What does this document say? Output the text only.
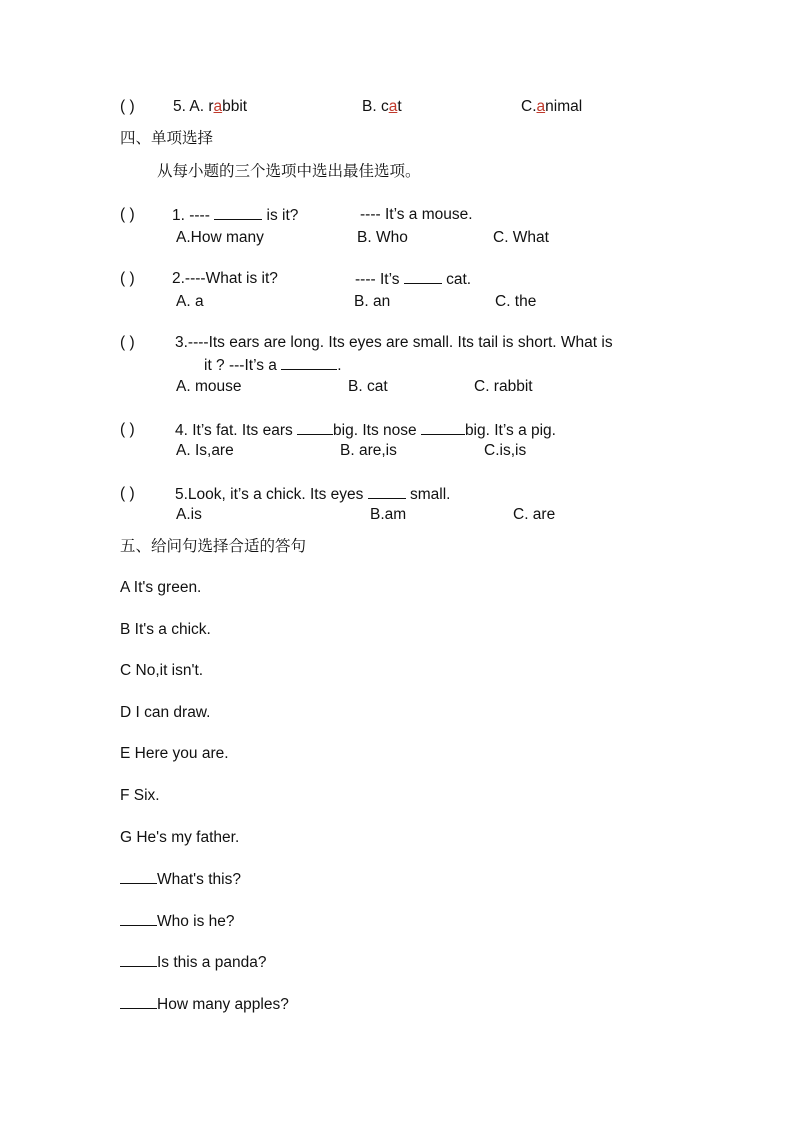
( ) 5. A. rabbit	B. cat	C.animal
四、单项选择
从每小题的三个选项中选出最佳选项。
( ) 1. ----	is it?	---- It’s a mouse.
A.How many	B. Who	C. What
( ) 2.----What is it?	---- It’s  cat.
A. a	B. an	C. the
( )	3.----Its ears are long. Its eyes are small. Its tail is short. What is
it ? ---It’s a	.
A. mouse	B. cat	C. rabbit
( )	4. It’s fat. Its ears big. Its nose	big. It’s a pig.
A. Is,are	B. are,is	C.is,is
( )	5.Look, it’s a chick. Its eyes  small.
A.is	B.am	C. are
五、给问句选择合适的答句
A It's green.
B It's a chick.
C No,it isn't.
D I can draw.
E Here you are.
F Six.
G He's my father.
What's this?
Who is he?
Is this a panda?
How many apples?
